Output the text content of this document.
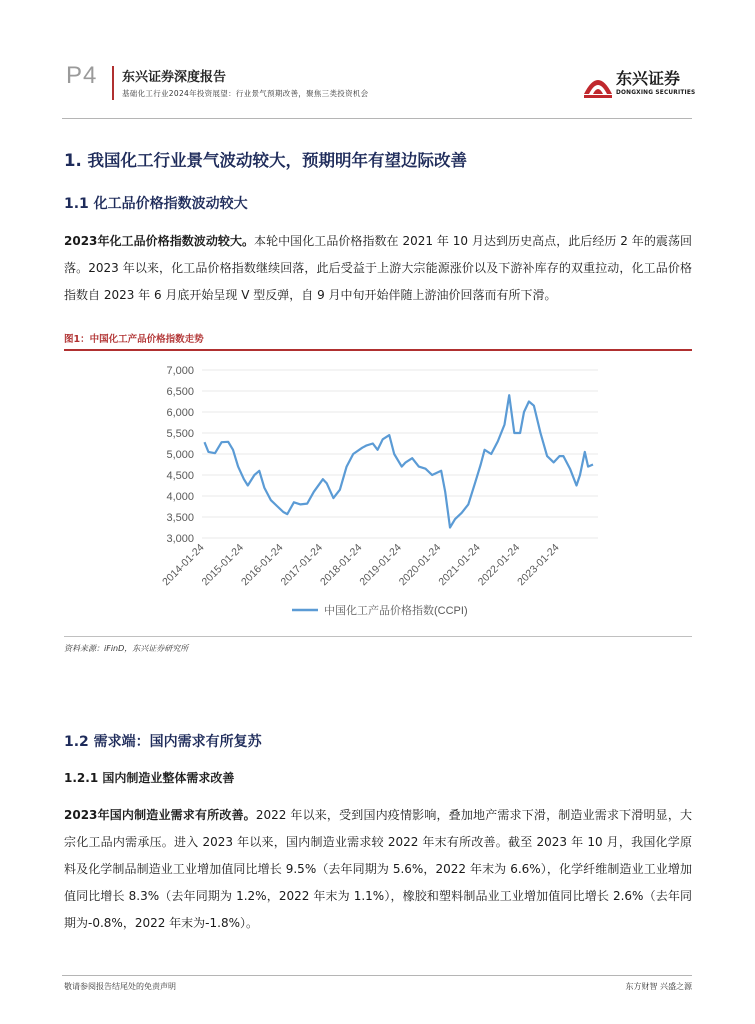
P4 东兴证券深度报告
基础化工行业2024年投资展望：行业景气预期改善，聚焦三类投资机会
东兴证券
DONGXING SECURITIES
1. 我国化工行业景气波动较大，预期明年有望边际改善
1.1 化工品价格指数波动较大
2023年化工品价格指数波动较大。本轮中国化工品价格指数在 2021 年 10 月达到历史高点，此后经历 2 年的震荡回落。2023 年以来，化工品价格指数继续回落，此后受益于上游大宗能源涨价以及下游补库存的双重拉动，化工品价格指数自 2023 年 6 月底开始呈现 V 型反弹，自 9 月中旬开始伴随上游油价回落而有所下滑。
图1：中国化工产品价格指数走势
3,000
3,500
4,000
4,500
5,000
5,500
6,000
6,500
7,000
2014-01-24
2015-01-24
2016-01-24
2017-01-24
2018-01-24
2019-01-24
2020-01-24
2021-01-24
2022-01-24
2023-01-24
中国化工产品价格指数(CCPI)
资料来源：iFinD，东兴证券研究所
1.2 需求端：国内需求有所复苏
1.2.1 国内制造业整体需求改善
2023年国内制造业需求有所改善。2022 年以来，受到国内疫情影响，叠加地产需求下滑，制造业需求下滑明显，大宗化工品内需承压。进入 2023 年以来，国内制造业需求较 2022 年末有所改善。截至 2023 年 10 月，我国化学原料及化学制品制造业工业增加值同比增长 9.5%（去年同期为 5.6%，2022 年末为 6.6%），化学纤维制造业工业增加值同比增长 8.3%（去年同期为 1.2%，2022 年末为 1.1%），橡胶和塑料制品业工业增加值同比增长 2.6%（去年同期为-0.8%，2022 年末为-1.8%）。
敬请参阅报告结尾处的免责声明	东方财智 兴盛之源
